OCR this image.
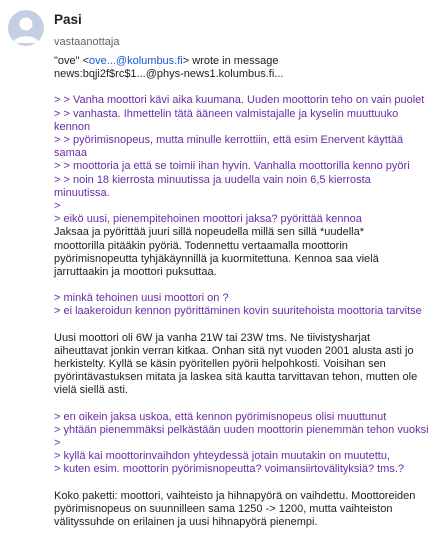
Pasi
vastaanottaja
"ove" <ove...@kolumbus.fi> wrote in message
news:bqji2f$rc$1...@phys-news1.kolumbus.fi...
> > Vanha moottori kävi aika kuumana. Uuden moottorin teho on vain puolet
> > vanhasta. Ihmettelin tätä ääneen valmistajalle ja kyselin muuttuuko
kennon
> > pyörimisnopeus, mutta minulle kerrottiin, että esim Enervent käyttää
samaa
> > moottoria ja että se toimii ihan hyvin. Vanhalla moottorilla kenno pyöri
> > noin 18 kierrosta minuutissa ja uudella vain noin 6,5 kierrosta
minuutissa.
>
> eikö uusi, pienempitehoinen moottori jaksa? pyörittää kennoa
Jaksaa ja pyörittää juuri sillä nopeudella millä sen sillä *uudella*
moottorilla pitääkin pyöriä. Todennettu vertaamalla moottorin
pyörimisnopeutta tyhjäkäynnillä ja kuormitettuna. Kennoa saa vielä
jarruttaakin ja moottori puksuttaa.
> minkä tehoinen uusi moottori on ?
> ei laakeroidun kennon pyörittäminen kovin suuritehoista moottoria tarvitse
Uusi moottori oli 6W ja vanha 21W tai 23W tms. Ne tiivistysharjat
aiheuttavat jonkin verran kitkaa. Onhan sitä nyt vuoden 2001 alusta asti jo
herkistelty. Kyllä se käsin pyöritellen pyörii helpohkosti. Voisihan sen
pyörintävastuksen mitata ja laskea sitä kautta tarvittavan tehon, mutten ole
vielä siellä asti.
> en oikein jaksa uskoa, että kennon pyörimisnopeus olisi muuttunut
> yhtään pienemmäksi pelkästään uuden moottorin pienemmän tehon vuoksi
>
> kyllä kai moottorinvaihdon yhteydessä jotain muutakin on muutettu,
> kuten esim. moottorin pyörimisnopeutta? voimansiirtovälityksiä? tms.?
Koko paketti: moottori, vaihteisto ja hihnapyörä on vaihdettu. Moottoreiden
pyörimisnopeus on suunnilleen sama 1250 -> 1200, mutta vaihteiston
välityssuhde on erilainen ja uusi hihnapyörä pienempi.
